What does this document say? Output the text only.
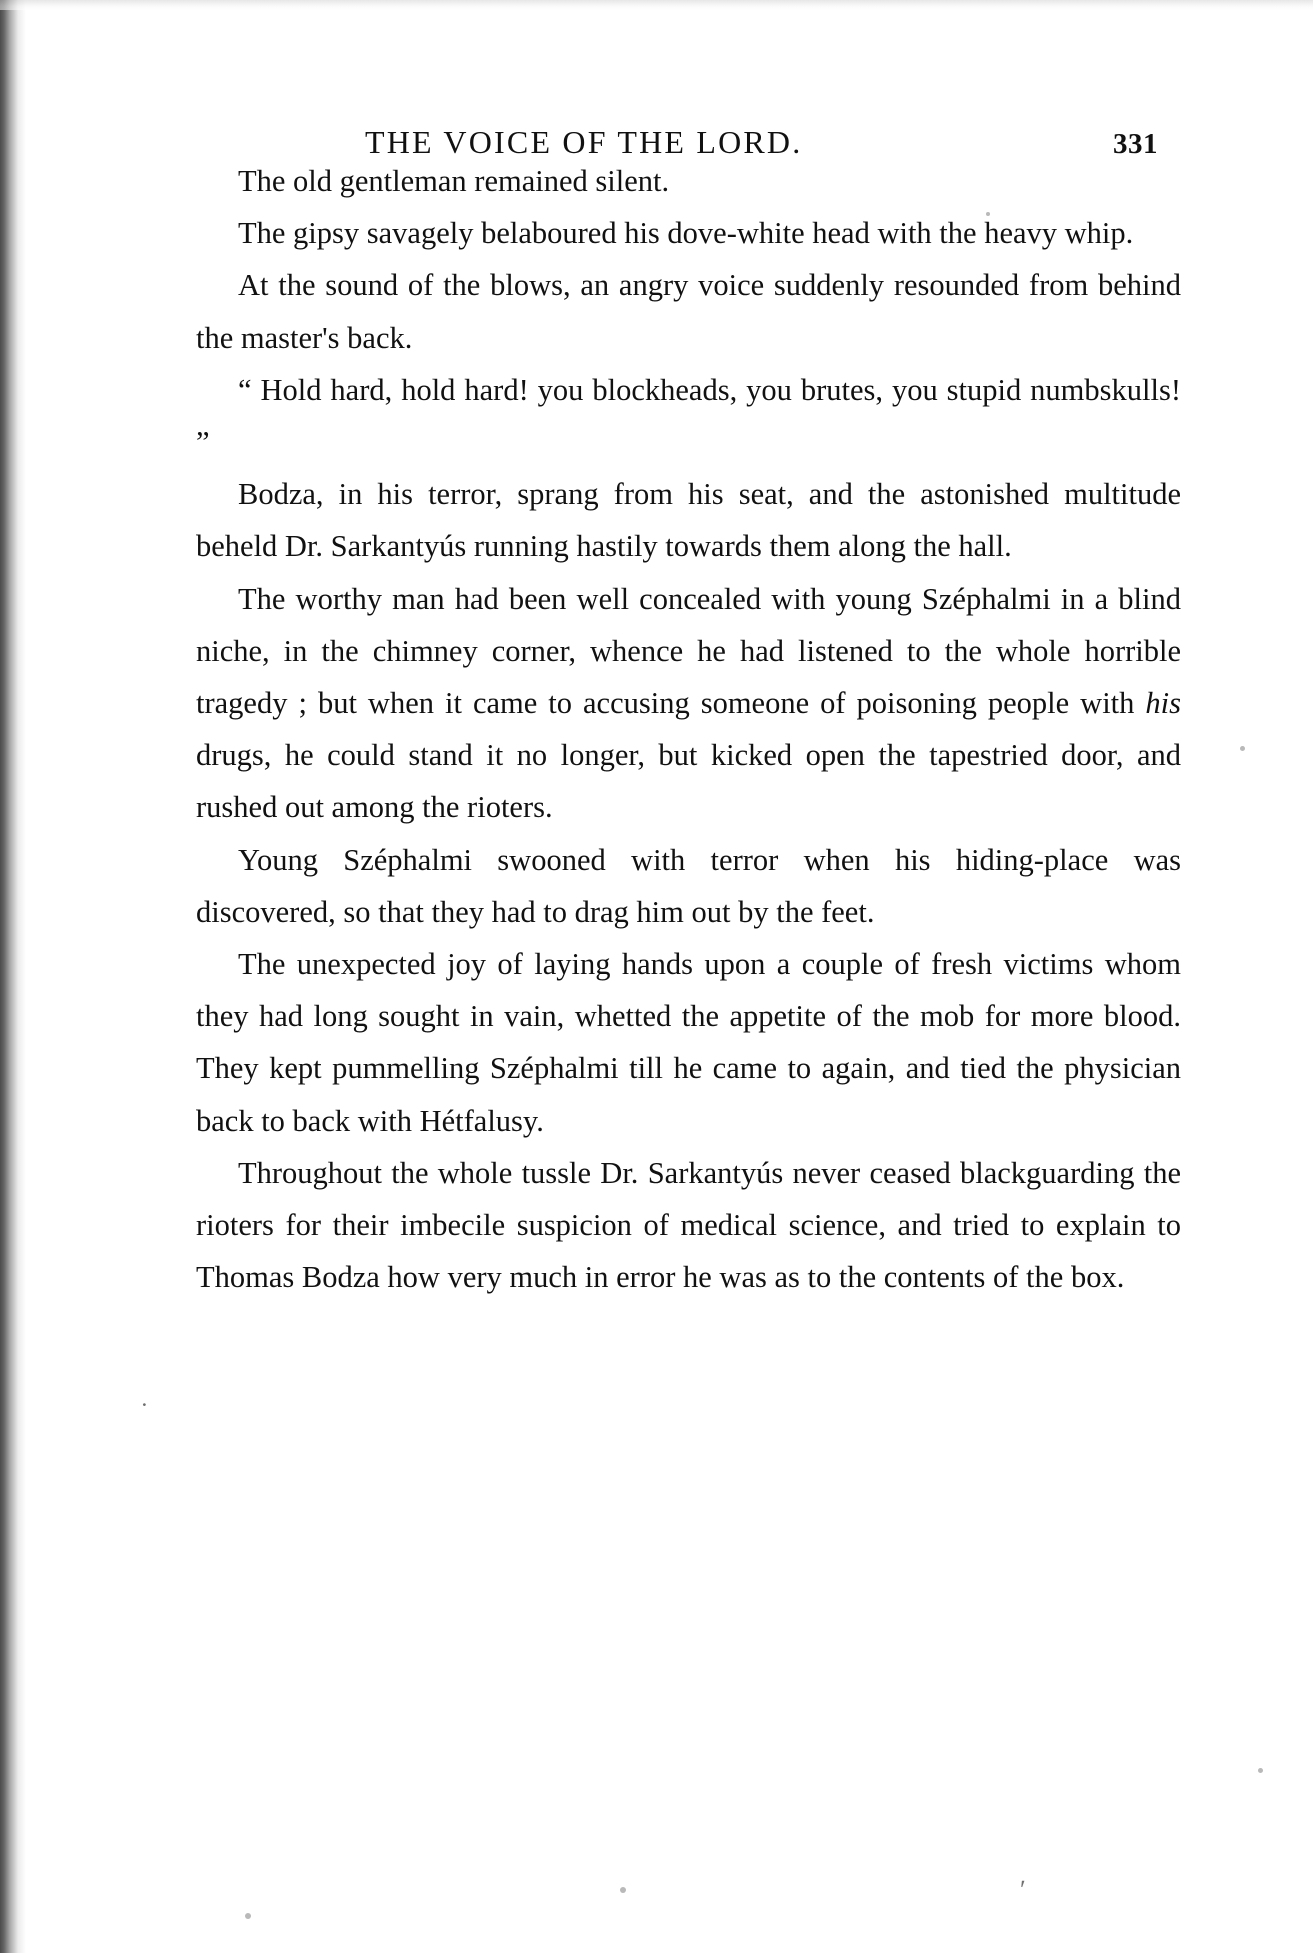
THE VOICE OF THE LORD.	331

The old gentleman remained silent.

The gipsy savagely belaboured his dove-white head with the heavy whip.

At the sound of the blows, an angry voice suddenly resounded from behind the master's back.

“ Hold hard, hold hard! you blockheads, you brutes, you stupid numbskulls! ”

Bodza, in his terror, sprang from his seat, and the astonished multitude beheld Dr. Sarkantyús running hastily towards them along the hall.

The worthy man had been well concealed with young Széphalmi in a blind niche, in the chimney corner, whence he had listened to the whole horrible tragedy ; but when it came to accusing someone of poisoning people with his drugs, he could stand it no longer, but kicked open the tapestried door, and rushed out among the rioters.

Young Széphalmi swooned with terror when his hiding-place was discovered, so that they had to drag him out by the feet.

The unexpected joy of laying hands upon a couple of fresh victims whom they had long sought in vain, whetted the appetite of the mob for more blood. They kept pummelling Széphalmi till he came to again, and tied the physician back to back with Hétfalusy.

Throughout the whole tussle Dr. Sarkantyús never ceased blackguarding the rioters for their imbecile suspicion of medical science, and tried to explain to Thomas Bodza how very much in error he was as to the contents of the box.

˙
ʹ
